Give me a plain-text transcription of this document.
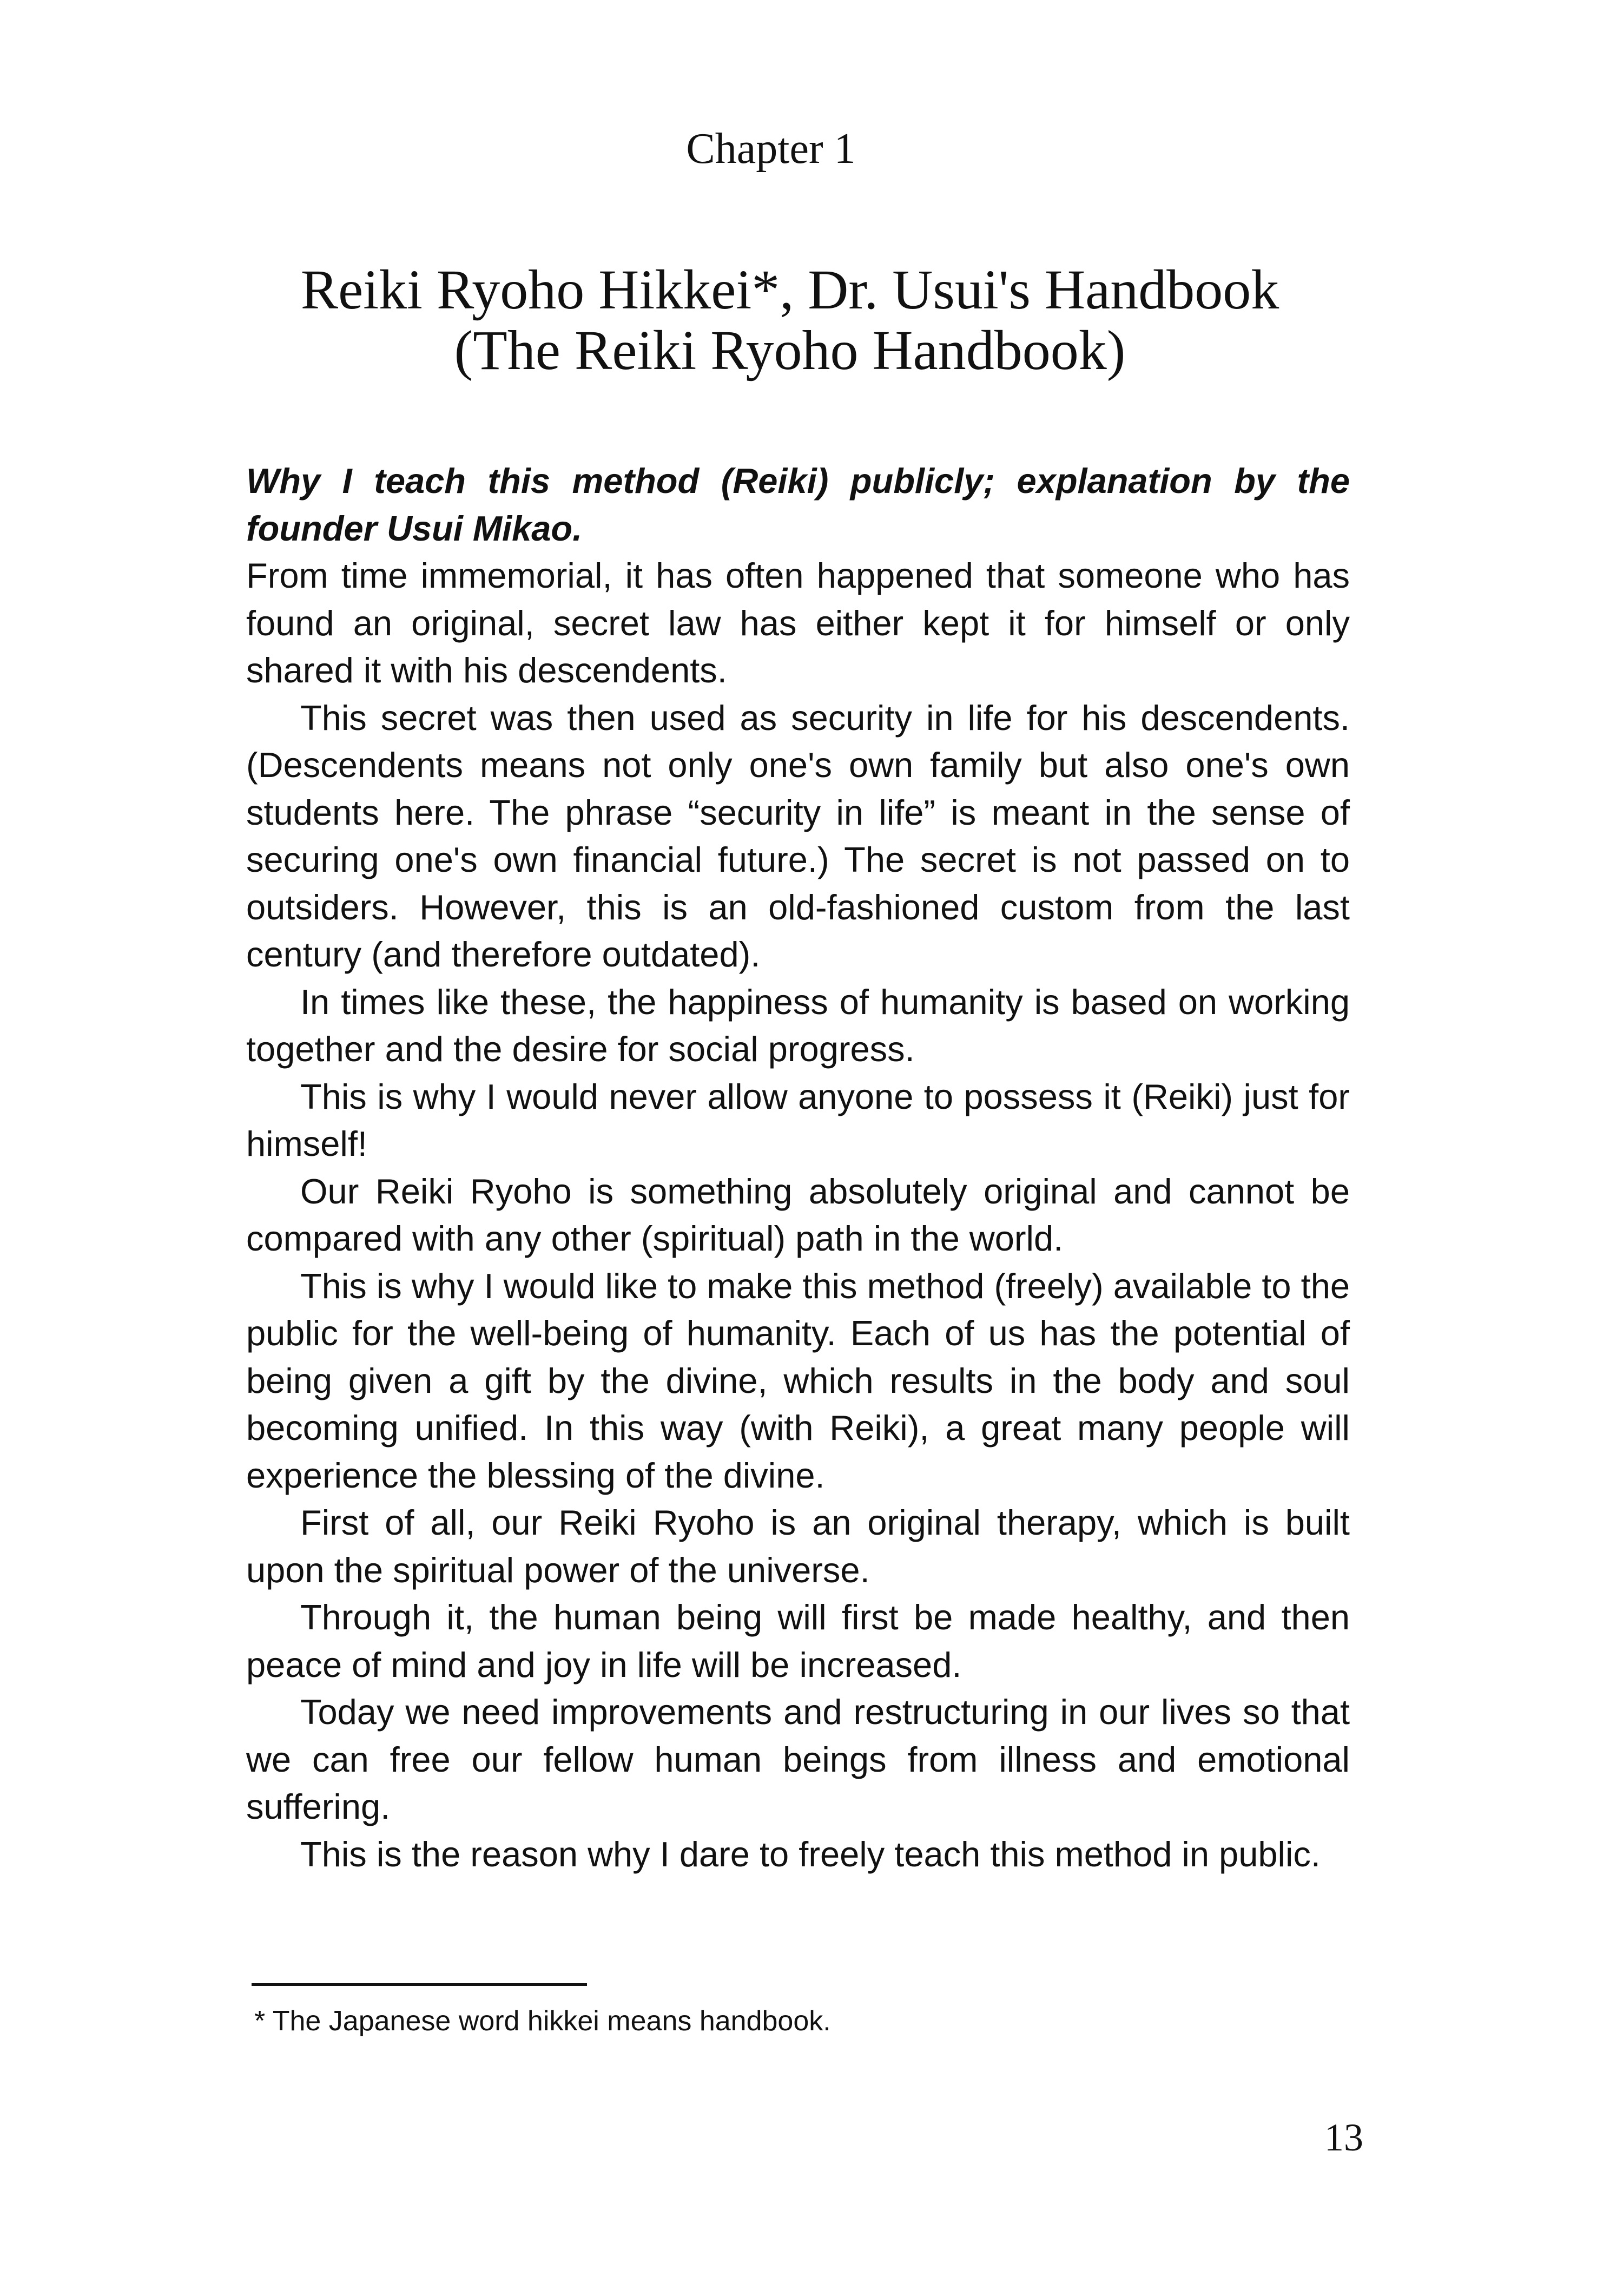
Chapter 1
Reiki Ryoho Hikkei*, Dr. Usui's Handbook
(The Reiki Ryoho Handbook)

Why I teach this method (Reiki) publicly; explanation by the founder Usui Mikao.

From time immemorial, it has often happened that someone who has found an original, secret law has either kept it for himself or only shared it with his descendents.

This secret was then used as security in life for his descendents. (Descendents means not only one's own family but also one's own students here. The phrase “security in life” is meant in the sense of securing one's own financial future.) The secret is not passed on to outsiders. However, this is an old-fashioned custom from the last century (and therefore outdated).

In times like these, the happiness of humanity is based on working together and the desire for social progress.

This is why I would never allow anyone to possess it (Reiki) just for himself!

Our Reiki Ryoho is something absolutely original and cannot be compared with any other (spiritual) path in the world.

This is why I would like to make this method (freely) available to the public for the well-being of humanity. Each of us has the potential of being given a gift by the divine, which results in the body and soul becoming unified. In this way (with Reiki), a great many people will experience the blessing of the divine.

First of all, our Reiki Ryoho is an original therapy, which is built upon the spiritual power of the universe.

Through it, the human being will first be made healthy, and then peace of mind and joy in life will be increased.

Today we need improvements and restructuring in our lives so that we can free our fellow human beings from illness and emotional suffering.

This is the reason why I dare to freely teach this method in public.

* The Japanese word hikkei means handbook.
13
